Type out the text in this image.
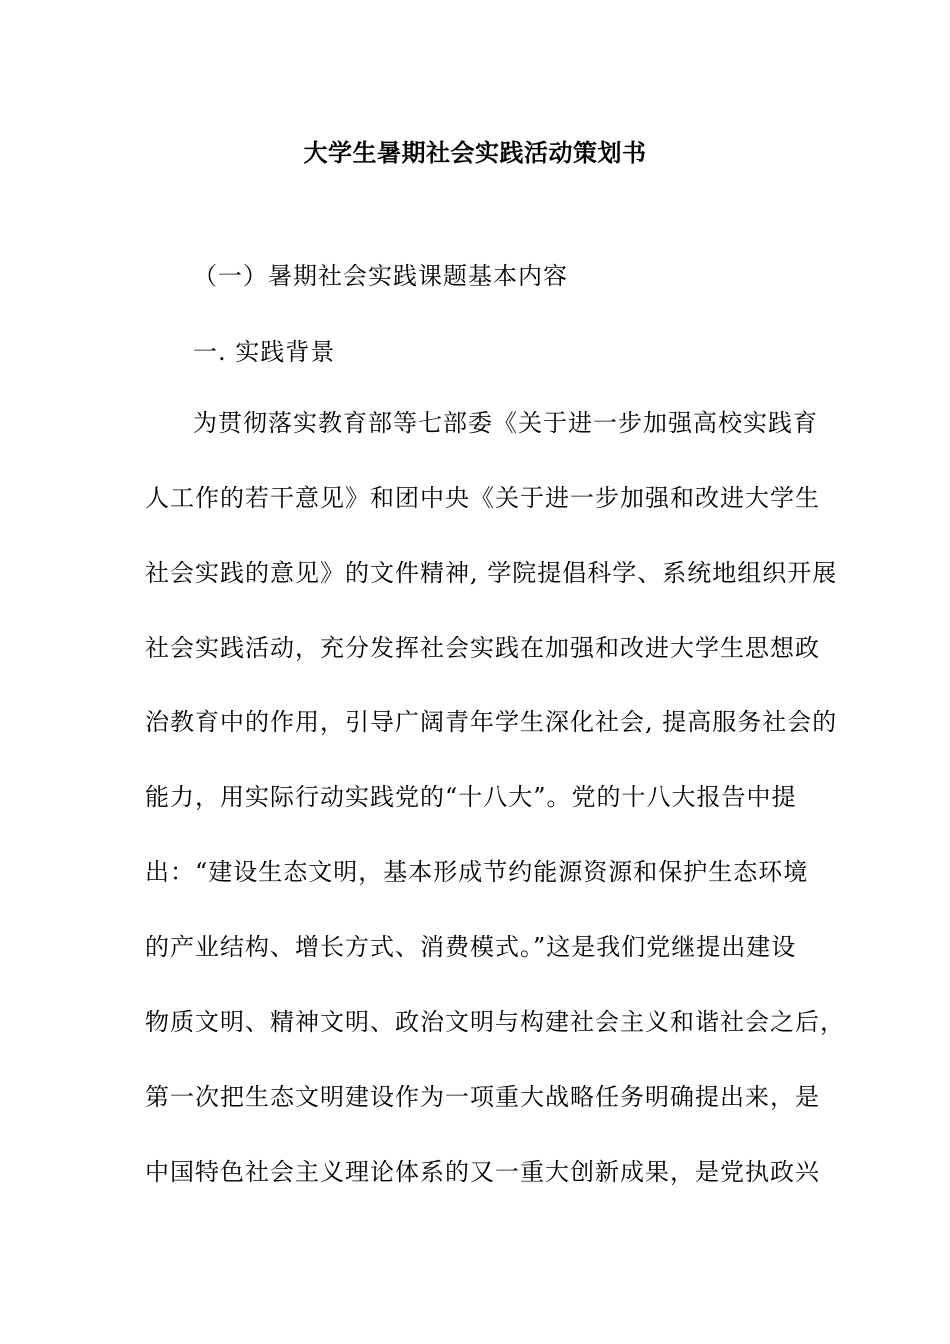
大学生暑期社会实践活动策划书
（一）暑期社会实践课题基本内容
一. 实践背景
为贯彻落实教育部等七部委《关于进一步加强高校实践育
人工作的若干意见》和团中央《关于进一步加强和改进大学生
社会实践的意见》的文件精神, 学院提倡科学、系统地组织开展
社会实践活动，充分发挥社会实践在加强和改进大学生思想政
治教育中的作用，引导广阔青年学生深化社会, 提高服务社会的
能力，用实际行动实践党的“十八大”。党的十八大报告中提
出：“建设生态文明，基本形成节约能源资源和保护生态环境
的产业结构、增长方式、消费模式。”这是我们党继提出建设
物质文明、精神文明、政治文明与构建社会主义和谐社会之后，
第一次把生态文明建设作为一项重大战略任务明确提出来，是
中国特色社会主义理论体系的又一重大创新成果，是党执政兴
